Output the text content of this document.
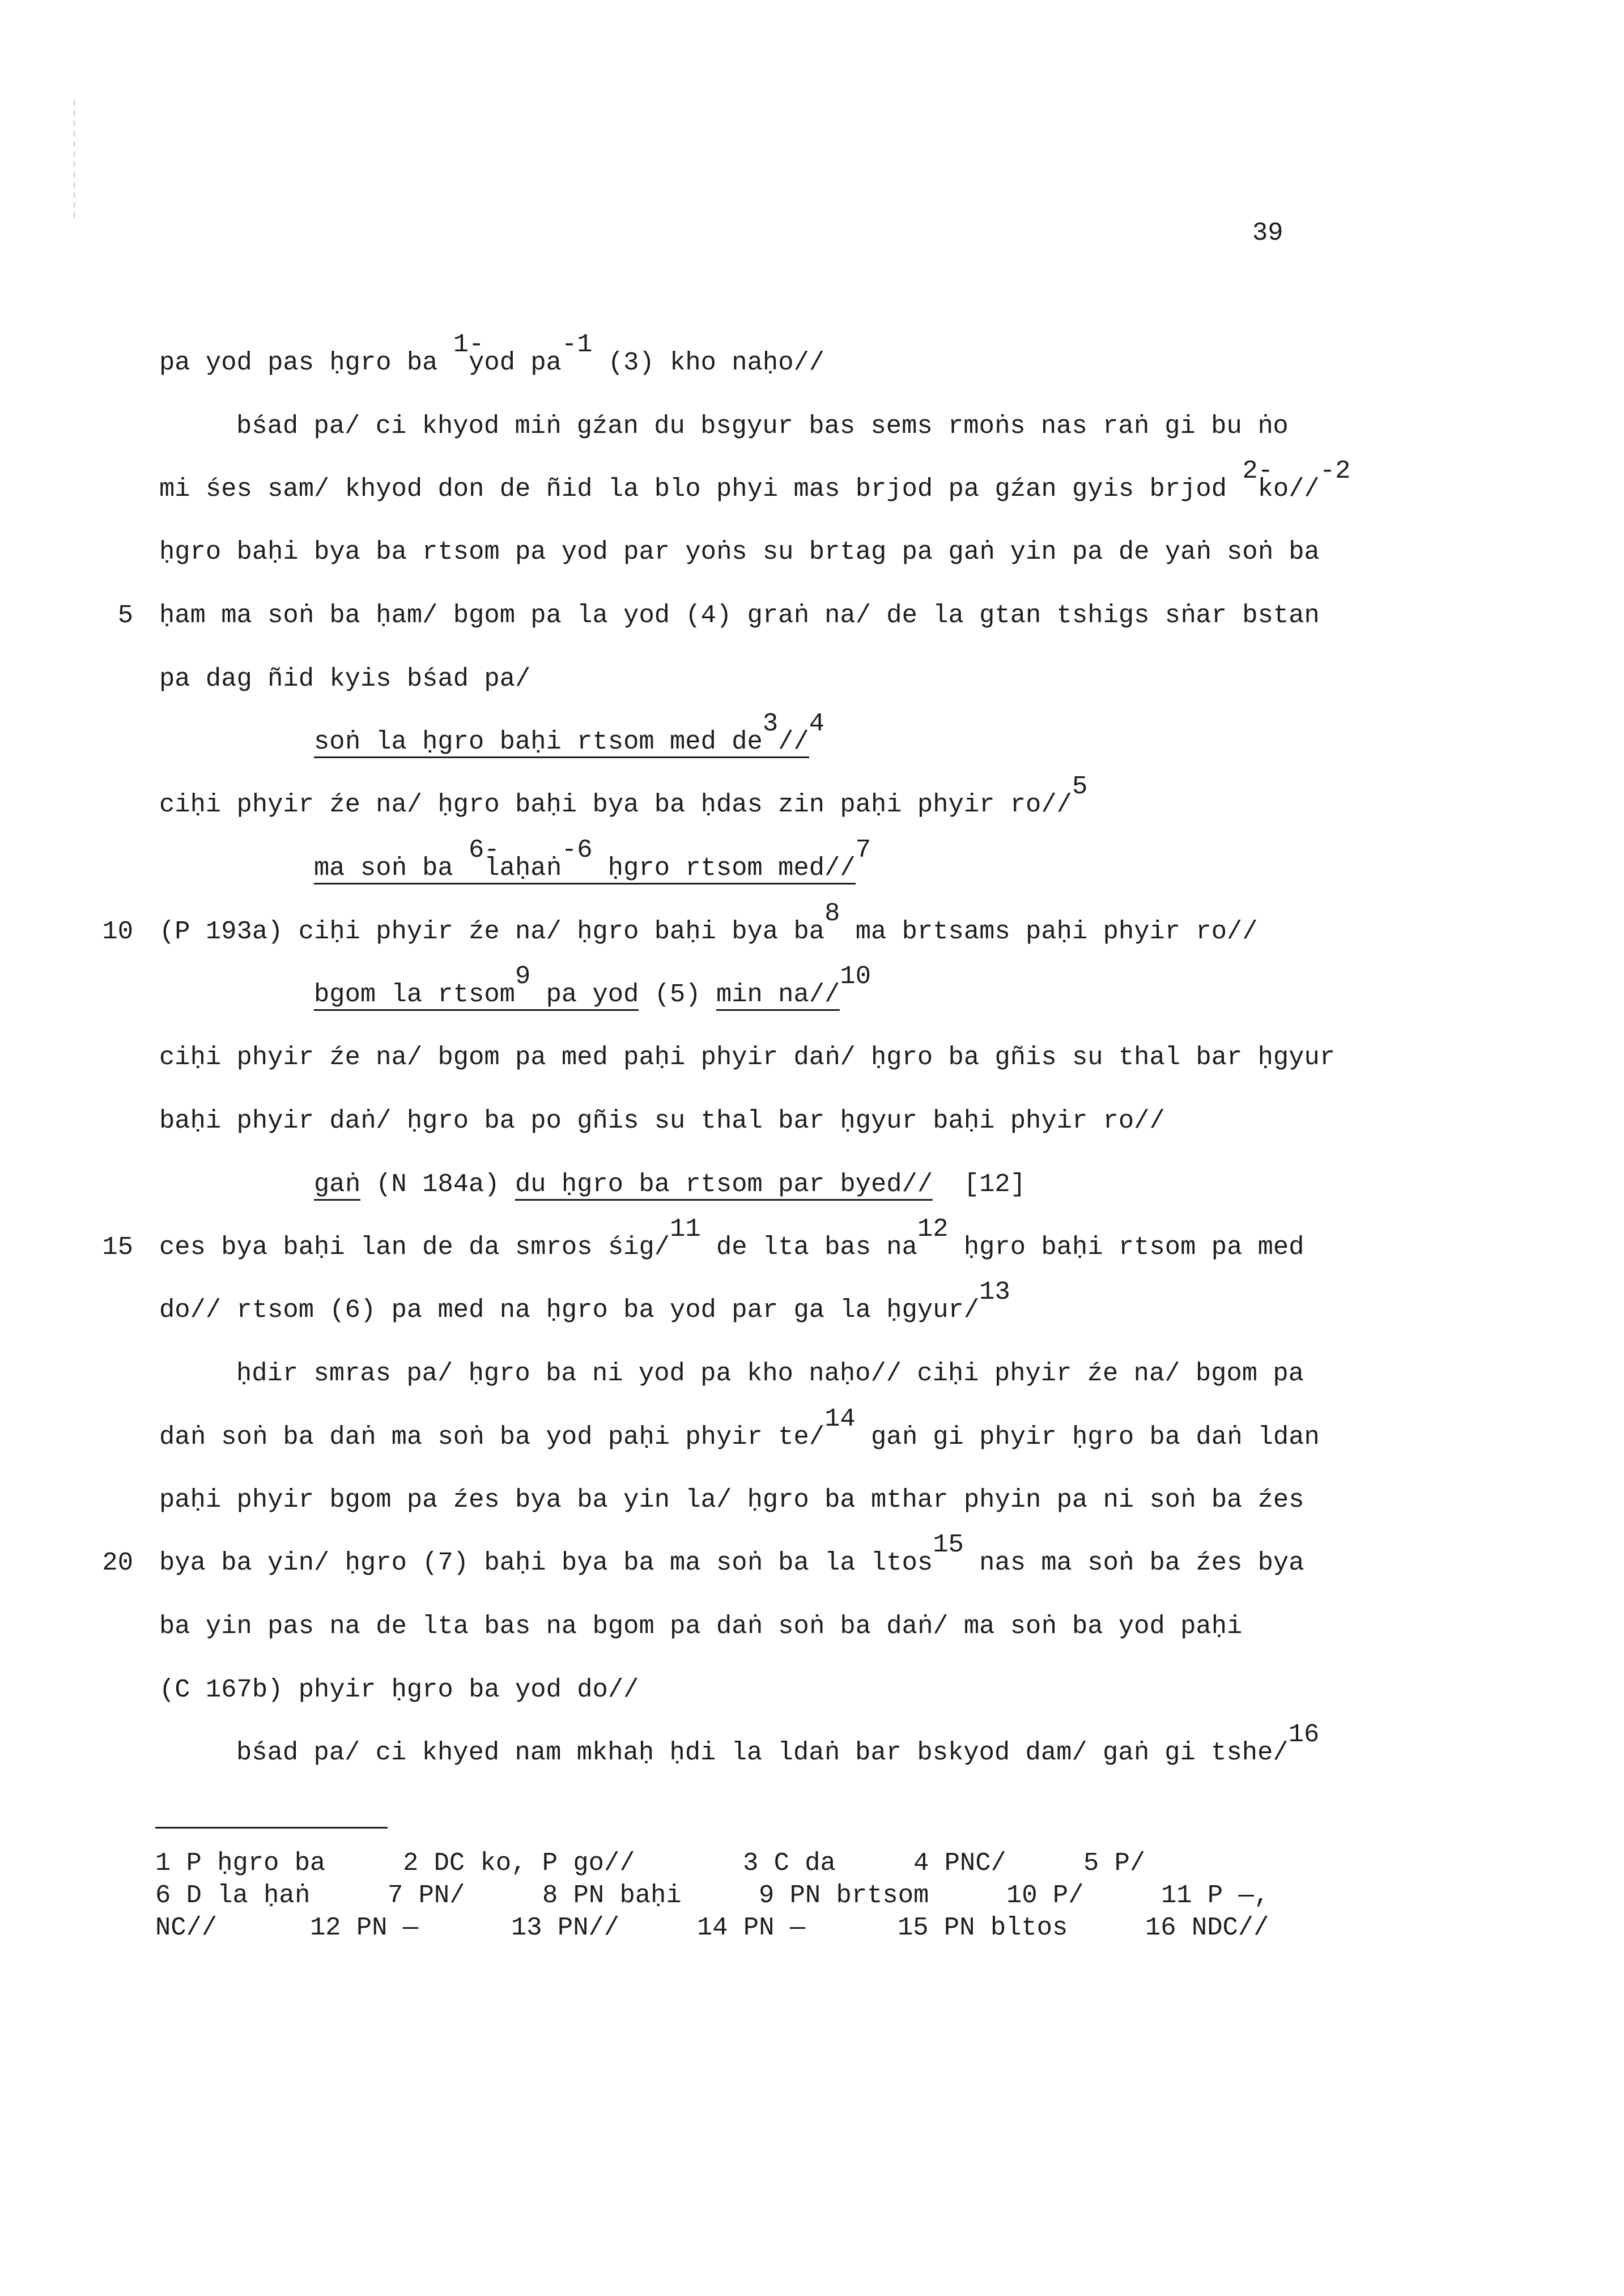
39
5
10
15
20
pa yod pas ḥgro ba 1-yod pa-1 (3) kho naḥo//
bśad pa/ ci khyod miṅ gźan du bsgyur bas sems rmoṅs nas raṅ gi bu ṅo
mi śes sam/ khyod don de ñid la blo phyi mas brjod pa gźan gyis brjod 2-ko//-2
ḥgro baḥi bya ba rtsom pa yod par yoṅs su brtag pa gaṅ yin pa de yaṅ soṅ ba
ḥam ma soṅ ba ḥam/ bgom pa la yod (4) graṅ na/ de la gtan tshigs sṅar bstan
pa dag ñid kyis bśad pa/
soṅ la ḥgro baḥi rtsom med de3//4
ciḥi phyir źe na/ ḥgro baḥi bya ba ḥdas zin paḥi phyir ro//5
ma soṅ ba 6-laḥaṅ-6 ḥgro rtsom med//7
(P 193a) ciḥi phyir źe na/ ḥgro baḥi bya ba8 ma brtsams paḥi phyir ro//
bgom la rtsom9 pa yod (5) min na//10
ciḥi phyir źe na/ bgom pa med paḥi phyir daṅ/ ḥgro ba gñis su thal bar ḥgyur
baḥi phyir daṅ/ ḥgro ba po gñis su thal bar ḥgyur baḥi phyir ro//
gaṅ (N 184a) du ḥgro ba rtsom par byed//  [12]
ces bya baḥi lan de da smros śig/11 de lta bas na12 ḥgro baḥi rtsom pa med
do// rtsom (6) pa med na ḥgro ba yod par ga la ḥgyur/13
ḥdir smras pa/ ḥgro ba ni yod pa kho naḥo// ciḥi phyir źe na/ bgom pa
daṅ soṅ ba daṅ ma soṅ ba yod paḥi phyir te/14 gaṅ gi phyir ḥgro ba daṅ ldan
paḥi phyir bgom pa źes bya ba yin la/ ḥgro ba mthar phyin pa ni soṅ ba źes
bya ba yin/ ḥgro (7) baḥi bya ba ma soṅ ba la ltos15 nas ma soṅ ba źes bya
ba yin pas na de lta bas na bgom pa daṅ soṅ ba daṅ/ ma soṅ ba yod paḥi
(C 167b) phyir ḥgro ba yod do//
bśad pa/ ci khyed nam mkhaḥ ḥdi la ldaṅ bar bskyod dam/ gaṅ gi tshe/16
1 P ḥgro ba	2 DC ko, P go//	3 C da	4 PNC/	5 P/
6 D la ḥaṅ	7 PN/	8 PN baḥi	9 PN brtsom	10 P/	11 P —,
NC//	12 PN —	13 PN//	14 PN —	15 PN bltos	16 NDC//
